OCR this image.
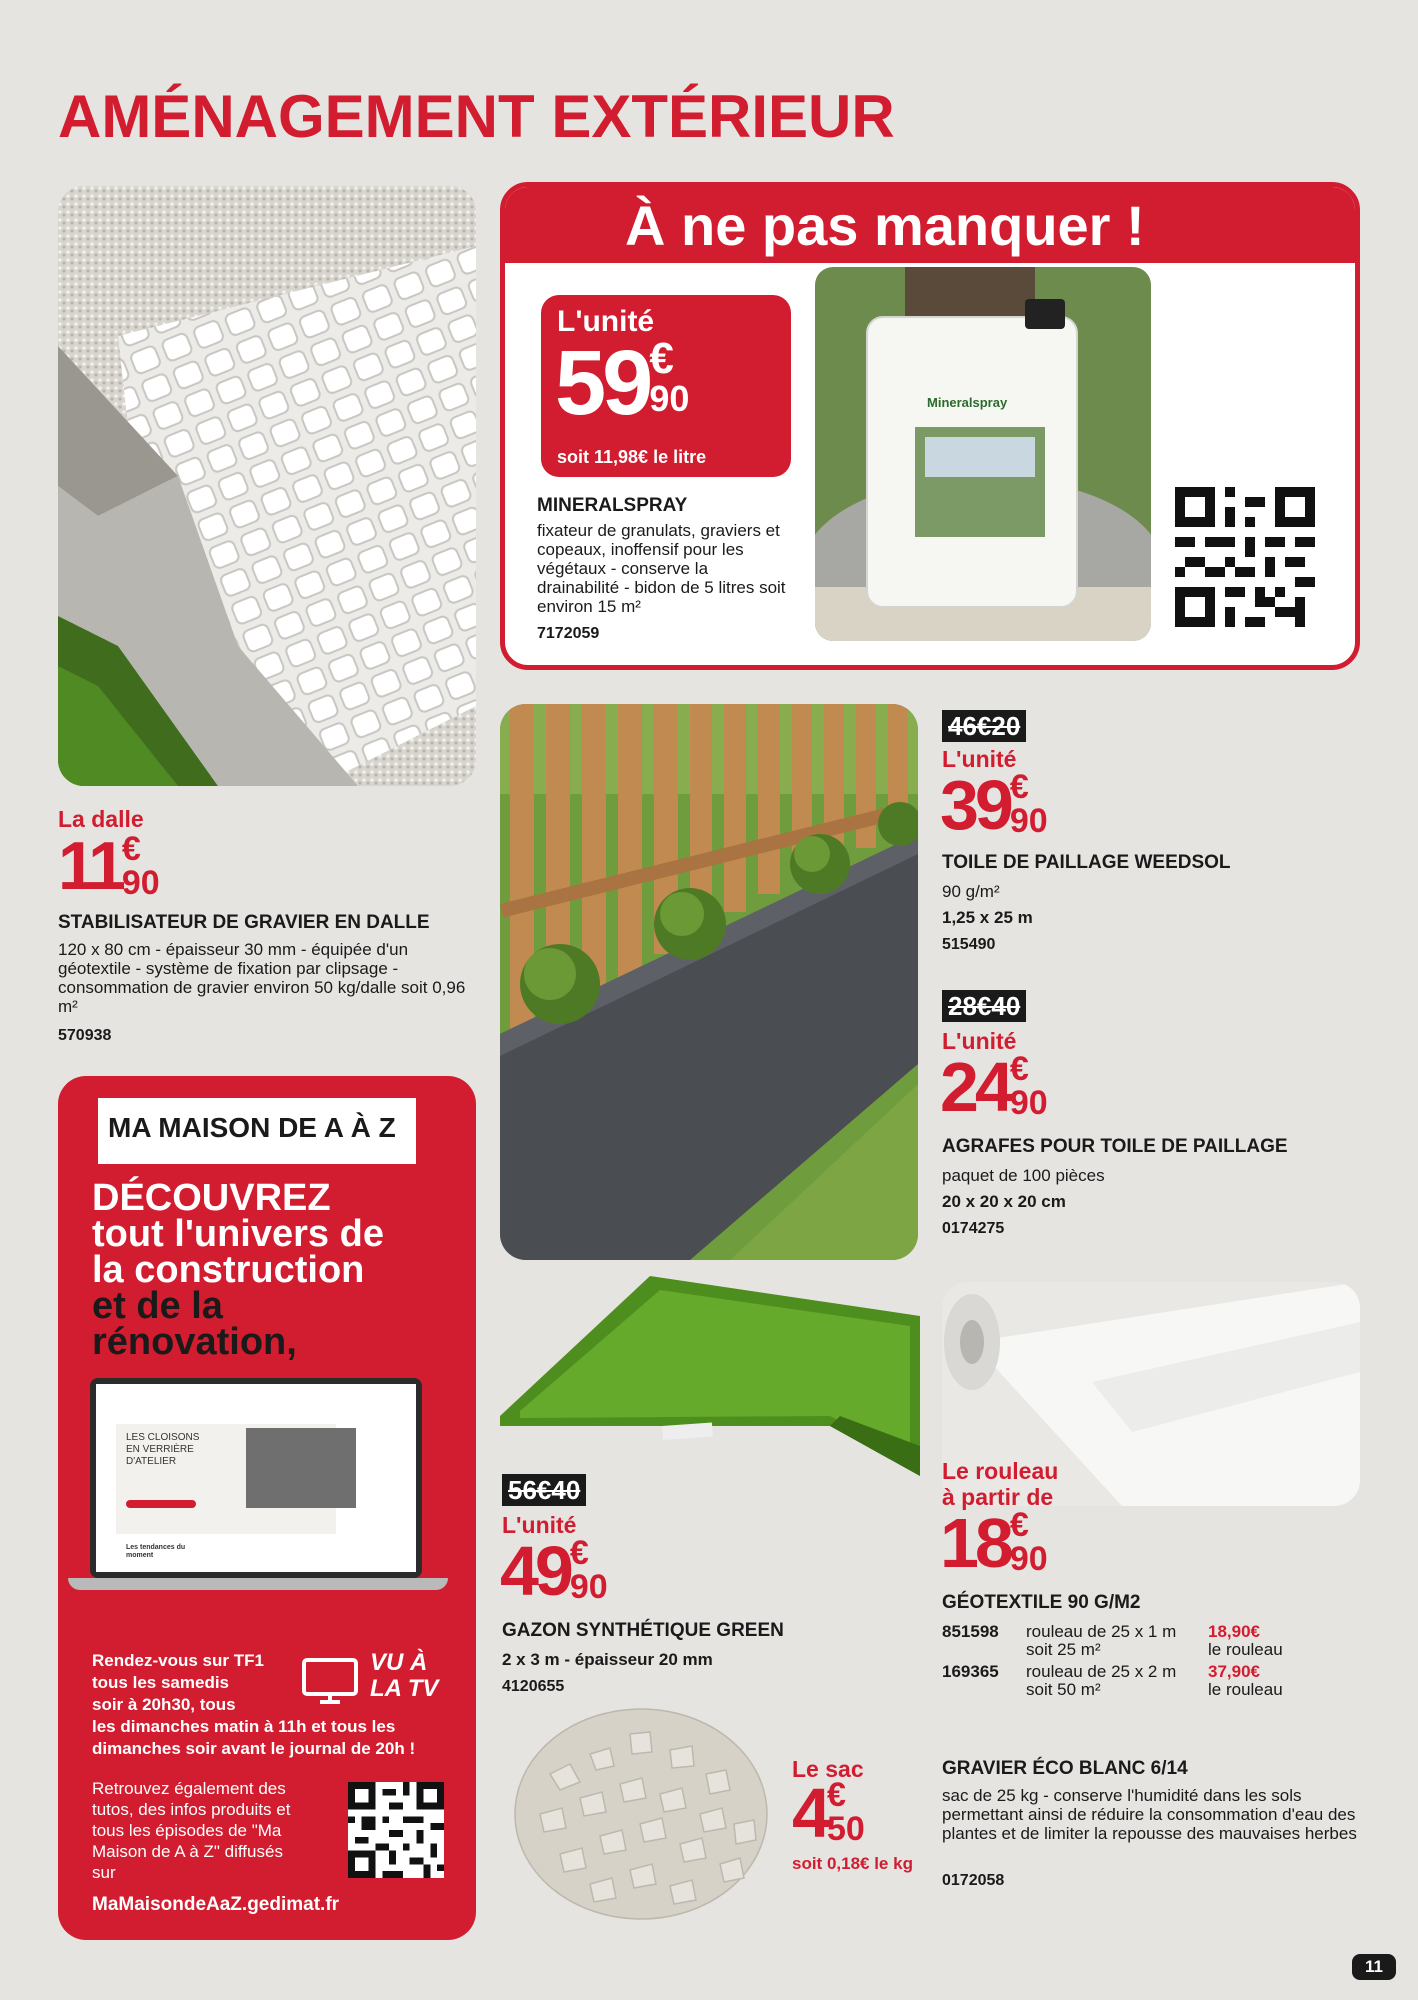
AMÉNAGEMENT EXTÉRIEUR
La dalle
11 €
90
STABILISATEUR DE GRAVIER EN DALLE
120 x 80 cm - épaisseur 30 mm - équipée d'un géotextile - système de fixation par clipsage - consommation de gravier environ 50 kg/dalle soit 0,96 m²
570938
À ne pas manquer !
L'unité
59 €
90
soit 11,98€ le litre
MINERALSPRAY
fixateur de granulats, graviers et copeaux, inoffensif pour les végétaux - conserve la drainabilité - bidon de 5 litres soit environ 15 m²
7172059
Mineralspray
46€20
L'unité
39 €
90
TOILE DE PAILLAGE WEEDSOL
90 g/m²
1,25 x 25 m
515490
28€40
L'unité
24 €
90
AGRAFES POUR TOILE DE PAILLAGE
paquet de 100 pièces
20 x 20 x 20 cm
0174275
56€40
L'unité
49 €
90
GAZON SYNTHÉTIQUE GREEN
2 x 3 m - épaisseur 20 mm
4120655
Le rouleau
à partir de
18 €
90
GÉOTEXTILE 90 G/M2
851598 rouleau de 25 x 1 m
soit 25 m²
18,90€
le rouleau
169365 rouleau de 25 x 2 m
soit 50 m²
37,90€
le rouleau
Le sac
4 €
50
soit 0,18€ le kg
GRAVIER ÉCO BLANC 6/14
sac de 25 kg - conserve l'humidité dans les sols permettant ainsi de réduire la consommation d'eau des plantes et de limiter la repousse des mauvaises herbes
0172058
MA MAISON DE A À Z
DÉCOUVREZ
tout l'univers de
la construction
et de la
rénovation,
LES CLOISONS
EN VERRIÈRE
D'ATELIER
Les tendances du moment
Rendez-vous sur TF1
tous les samedis
soir à 20h30, tous
les dimanches matin à 11h et tous les
dimanches soir avant le journal de 20h !
VU À
LA TV
Retrouvez également des tutos, des infos produits et tous les épisodes de "Ma Maison de A à Z" diffusés sur
MaMaisondeAaZ.gedimat.fr
11
